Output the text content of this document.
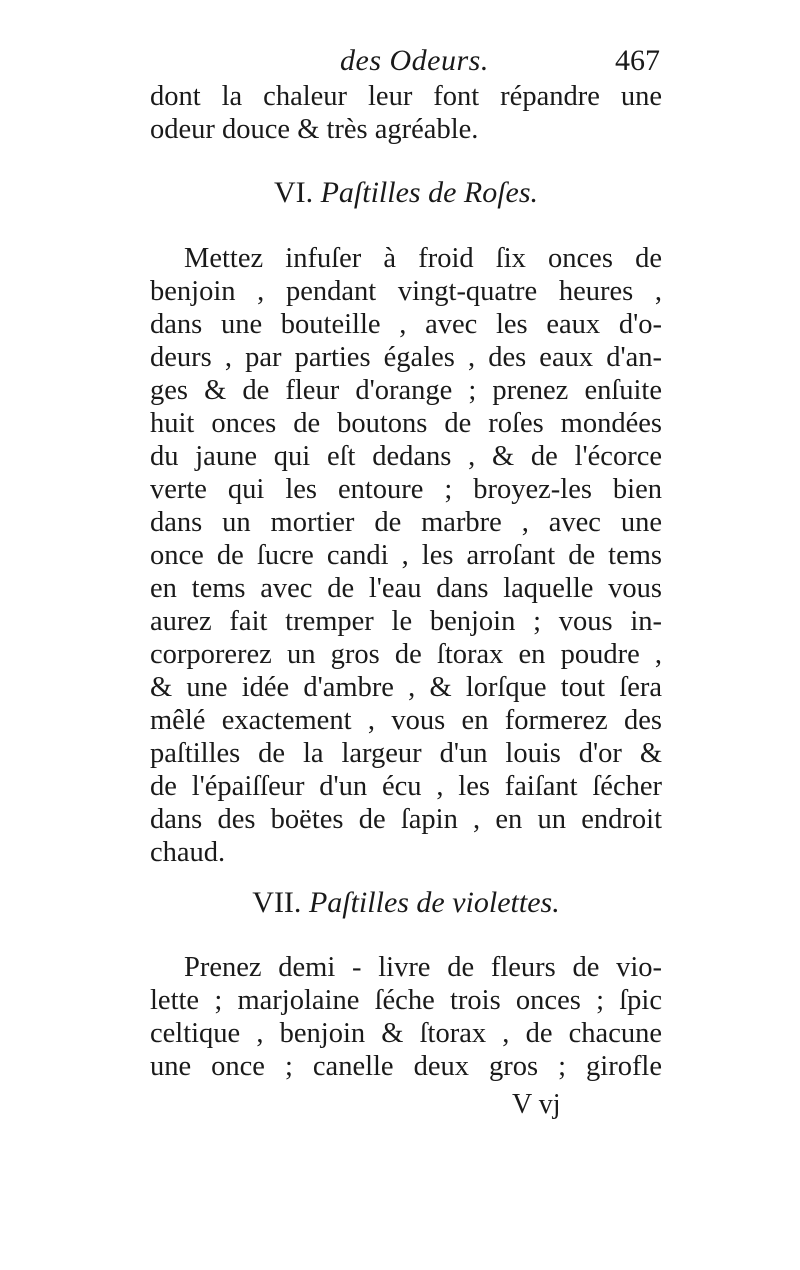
des Odeurs.	467
dont la chaleur leur font répandre une
odeur douce & très agréable.
VI. Paſtilles de Roſes.
Mettez infuſer à froid ſix onces de
benjoin , pendant vingt-quatre heures ,
dans une bouteille , avec les eaux d'o-
deurs , par parties égales , des eaux d'an-
ges & de fleur d'orange ; prenez enſuite
huit onces de boutons de roſes mondées
du jaune qui eſt dedans , & de l'écorce
verte qui les entoure ; broyez-les bien
dans un mortier de marbre , avec une
once de ſucre candi , les arroſant de tems
en tems avec de l'eau dans laquelle vous
aurez fait tremper le benjoin ; vous in-
corporerez un gros de ſtorax en poudre ,
& une idée d'ambre , & lorſque tout ſera
mêlé exactement , vous en formerez des
paſtilles de la largeur d'un louis d'or &
de l'épaiſſeur d'un écu , les faiſant ſécher
dans des boëtes de ſapin , en un endroit
chaud.
VII. Paſtilles de violettes.
Prenez demi - livre de fleurs de vio-
lette ; marjolaine ſéche trois onces ; ſpic
celtique , benjoin & ſtorax , de chacune
une once ; canelle deux gros ; girofle
V vj
